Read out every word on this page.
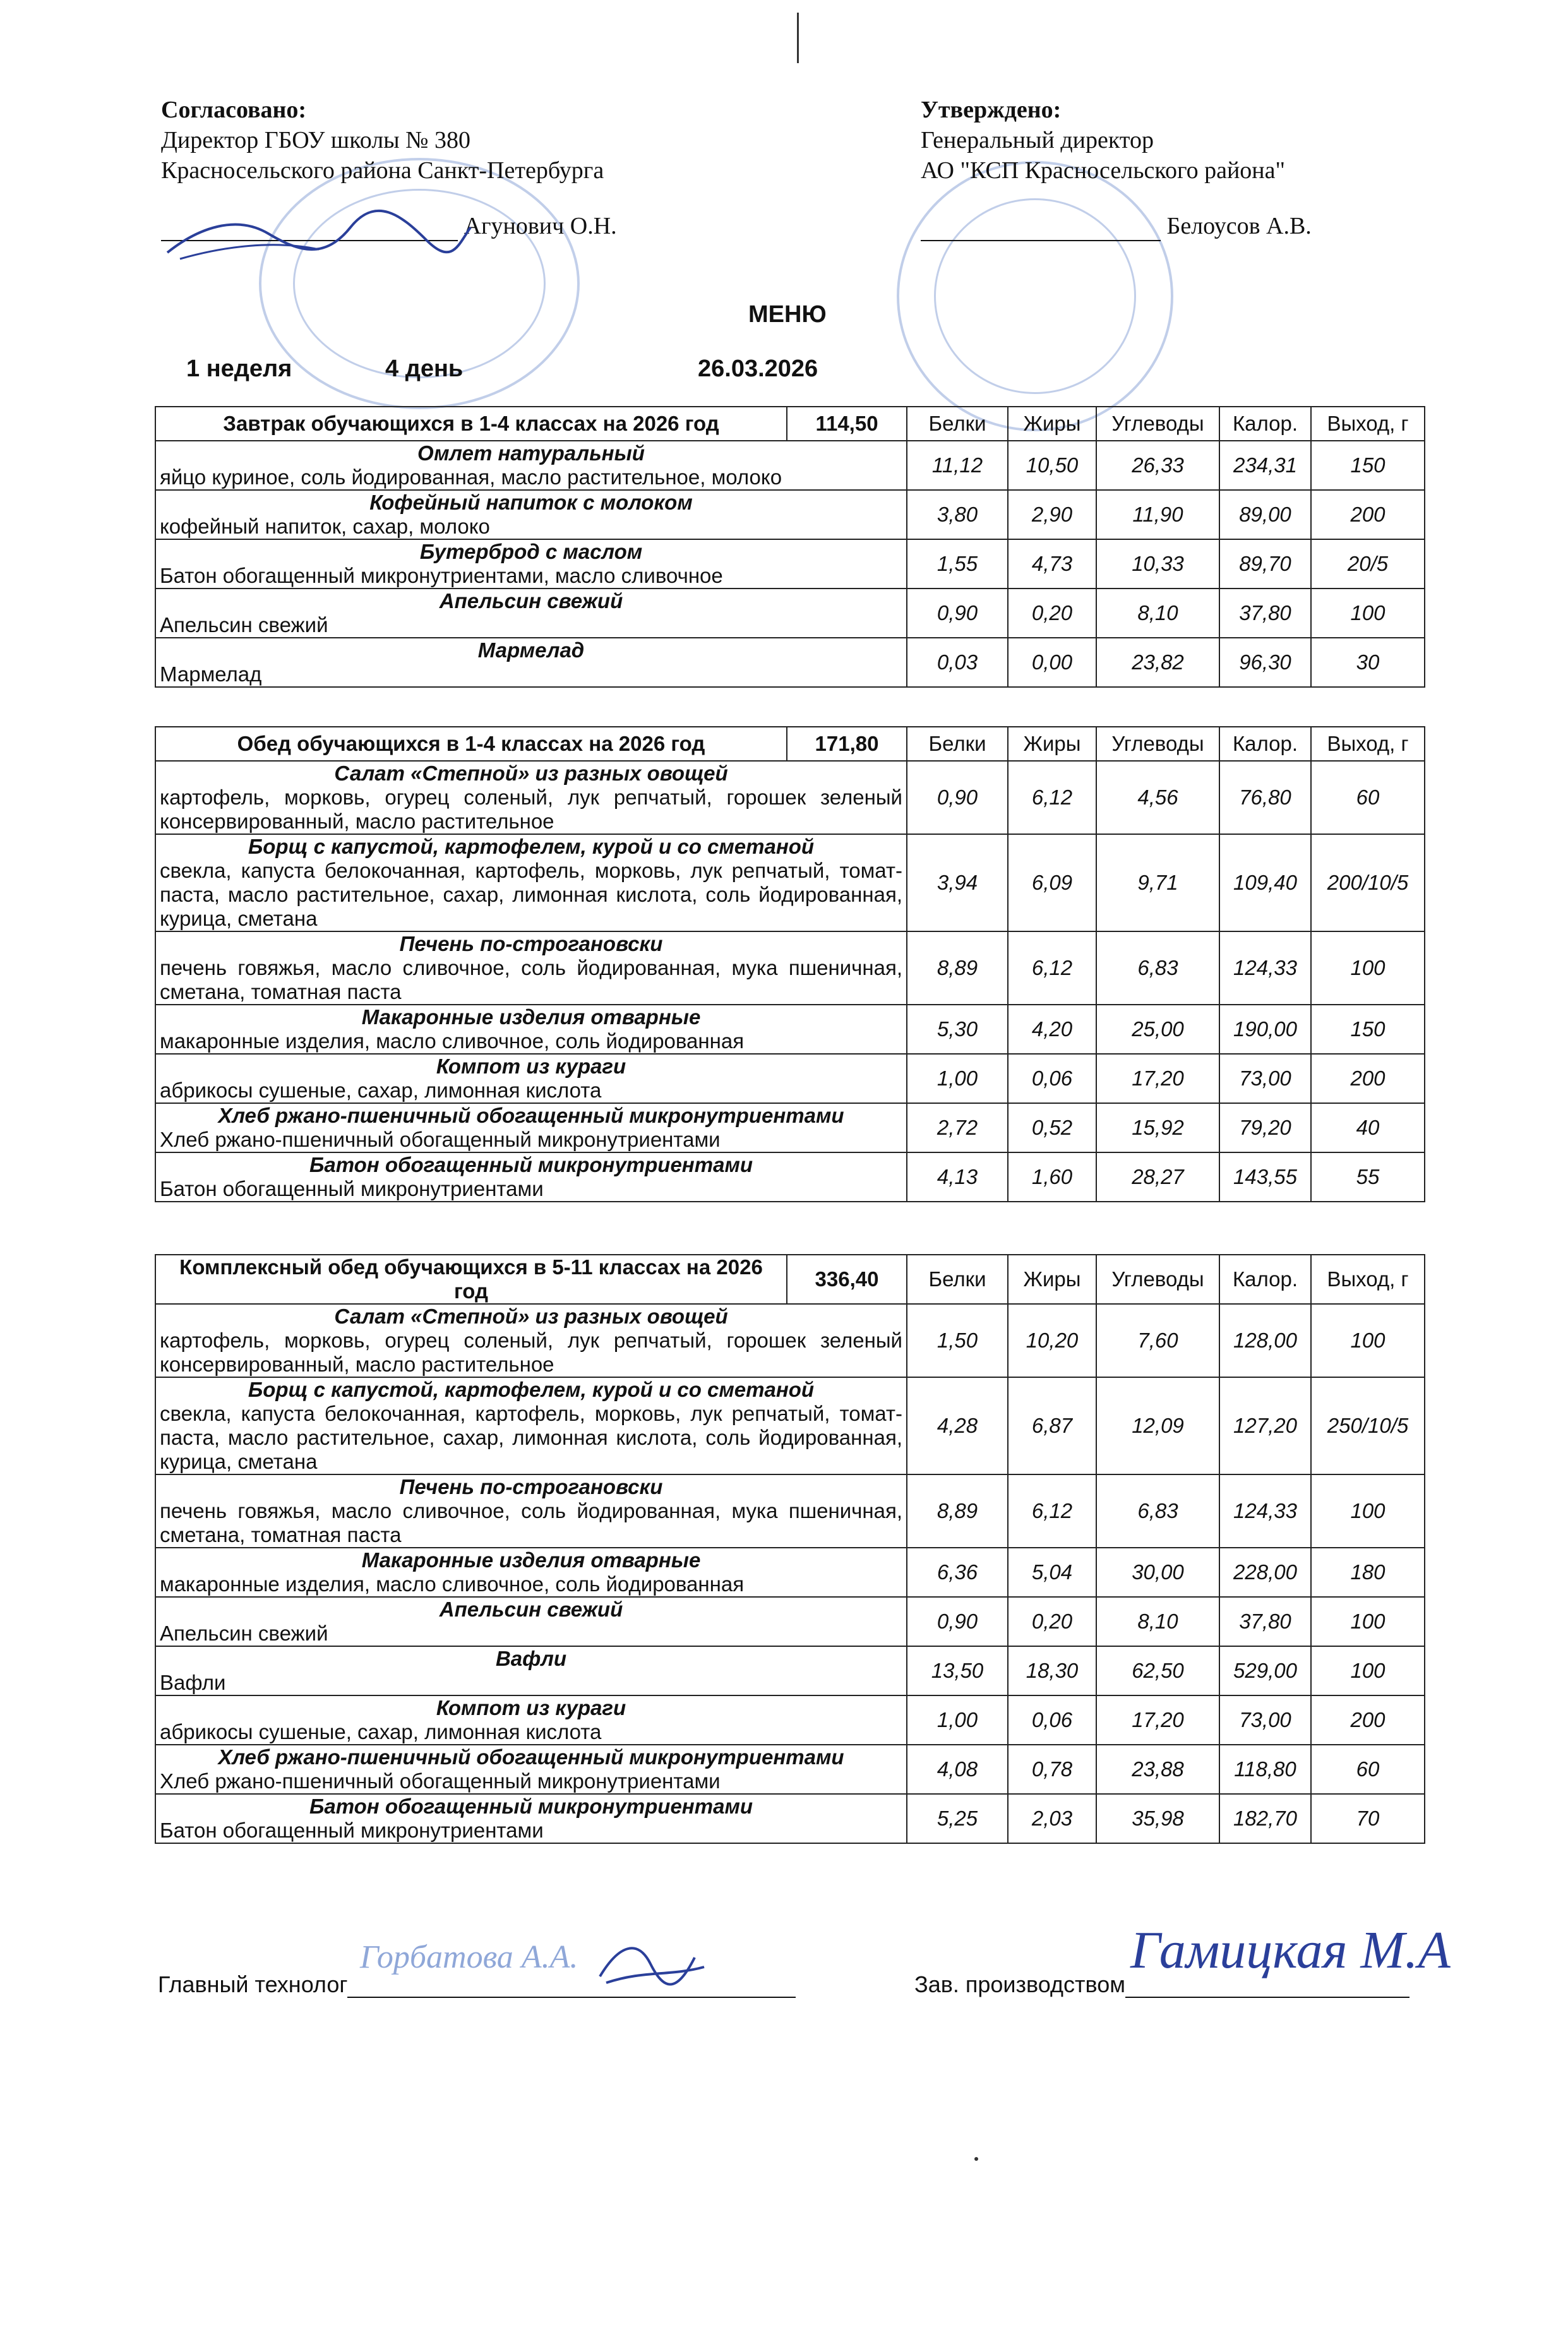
Согласовано:
Директор ГБОУ школы № 380
Красносельского района Санкт-Петербурга
Агунович О.Н.
Утверждено:
Генеральный директор
АО "КСП Красносельского района"
Белоусов А.В.
МЕНЮ
1 неделя	4 день	26.03.2026
Завтрак обучающихся в 1-4 классах на 2026 год	114,50	Белки	Жиры	Углеводы	Калор.	Выход, г

Омлет натуральный
яйцо куриное, соль йодированная, масло растительное, молоко		11,12	10,50	26,33	234,31	150

Кофейный напиток с молоком
кофейный напиток, сахар, молоко		3,80	2,90	11,90	89,00	200

Бутерброд с маслом
Батон обогащенный микронутриентами, масло сливочное		1,55	4,73	10,33	89,70	20/5

Апельсин свежий
Апельсин свежий		0,90	0,20	8,10	37,80	100

Мармелад
Мармелад		0,03	0,00	23,82	96,30	30
Обед обучающихся в 1-4 классах на 2026 год	171,80	Белки	Жиры	Углеводы	Калор.	Выход, г

Салат «Степной» из разных овощей
картофель, морковь, огурец соленый, лук репчатый, горошек зеленый консервированный, масло растительное		0,90	6,12	4,56	76,80	60

Борщ с капустой, картофелем, курой и со сметаной
свекла, капуста белокочанная, картофель, морковь, лук репчатый, томат-паста, масло растительное, сахар, лимонная кислота, соль йодированная, курица, сметана		3,94	6,09	9,71	109,40	200/10/5

Печень по-строгановски
печень говяжья, масло сливочное, соль йодированная, мука пшеничная, сметана, томатная паста		8,89	6,12	6,83	124,33	100

Макаронные изделия отварные
макаронные изделия, масло сливочное, соль йодированная		5,30	4,20	25,00	190,00	150

Компот из кураги
абрикосы сушеные, сахар, лимонная кислота		1,00	0,06	17,20	73,00	200

Хлеб ржано-пшеничный обогащенный микронутриентами
Хлеб ржано-пшеничный обогащенный микронутриентами		2,72	0,52	15,92	79,20	40

Батон обогащенный микронутриентами
Батон обогащенный микронутриентами		4,13	1,60	28,27	143,55	55
Комплексный обед обучающихся в 5-11 классах на 2026 год	336,40	Белки	Жиры	Углеводы	Калор.	Выход, г

Салат «Степной» из разных овощей
картофель, морковь, огурец соленый, лук репчатый, горошек зеленый консервированный, масло растительное		1,50	10,20	7,60	128,00	100

Борщ с капустой, картофелем, курой и со сметаной
свекла, капуста белокочанная, картофель, морковь, лук репчатый, томат-паста, масло растительное, сахар, лимонная кислота, соль йодированная, курица, сметана		4,28	6,87	12,09	127,20	250/10/5

Печень по-строгановски
печень говяжья, масло сливочное, соль йодированная, мука пшеничная, сметана, томатная паста		8,89	6,12	6,83	124,33	100

Макаронные изделия отварные
макаронные изделия, масло сливочное, соль йодированная		6,36	5,04	30,00	228,00	180

Апельсин свежий
Апельсин свежий		0,90	0,20	8,10	37,80	100

Вафли
Вафли		13,50	18,30	62,50	529,00	100

Компот из кураги
абрикосы сушеные, сахар, лимонная кислота		1,00	0,06	17,20	73,00	200

Хлеб ржано-пшеничный обогащенный микронутриентами
Хлеб ржано-пшеничный обогащенный микронутриентами		4,08	0,78	23,88	118,80	60

Батон обогащенный микронутриентами
Батон обогащенный микронутриентами		5,25	2,03	35,98	182,70	70
Главный технолог
Горбатова А.А.
Зав. производством
Гамицкая М.А
